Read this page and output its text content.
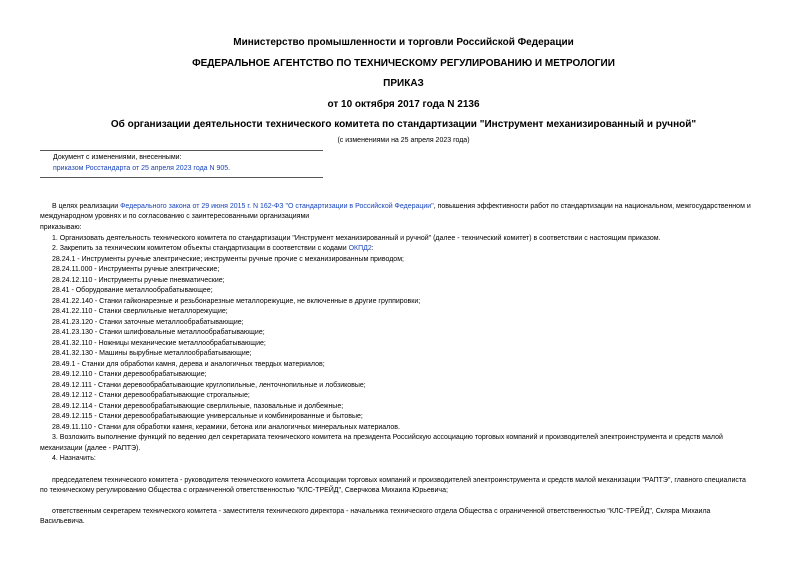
Министерство промышленности и торговли Российской Федерации
ФЕДЕРАЛЬНОЕ АГЕНТСТВО ПО ТЕХНИЧЕСКОМУ РЕГУЛИРОВАНИЮ И МЕТРОЛОГИИ
ПРИКАЗ
от 10 октября 2017 года N 2136
Об организации деятельности технического комитета по стандартизации "Инструмент механизированный и ручной"
(с изменениями на 25 апреля 2023 года)
Документ с изменениями, внесенными:
приказом Росстандарта от 25 апреля 2023 года N 905.
В целях реализации Федерального закона от 29 июня 2015 г. N 162-ФЗ "О стандартизации в Российской Федерации", повышения эффективности работ по стандартизации на национальном, межгосударственном и
международном уровнях и по согласованию с заинтересованными организациями
приказываю:
1. Организовать деятельность технического комитета по стандартизации "Инструмент механизированный и ручной" (далее - технический комитет) в соответствии с настоящим приказом.
2. Закрепить за техническим комитетом объекты стандартизации в соответствии с кодами ОКПД2:
28.24.1 - Инструменты ручные электрические; инструменты ручные прочие с механизированным приводом;
28.24.11.000 - Инструменты ручные электрические;
28.24.12.110 - Инструменты ручные пневматические;
28.41 - Оборудование металлообрабатывающее;
28.41.22.140 - Станки гайконарезные и резьбонарезные металлорежущие, не включенные в другие группировки;
28.41.22.110 - Станки сверлильные металлорежущие;
28.41.23.120 - Станки заточные металлообрабатывающие;
28.41.23.130 - Станки шлифовальные металлообрабатывающие;
28.41.32.110 - Ножницы механические металлообрабатывающие;
28.41.32.130 - Машины вырубные металлообрабатывающие;
28.49.1 - Станки для обработки камня, дерева и аналогичных твердых материалов;
28.49.12.110 - Станки деревообрабатывающие;
28.49.12.111 - Станки деревообрабатывающие круглопильные, ленточнопильные и лобзиковые;
28.49.12.112 - Станки деревообрабатывающие строгальные;
28.49.12.114 - Станки деревообрабатывающие сверлильные, пазовальные и долбежные;
28.49.12.115 - Станки деревообрабатывающие универсальные и комбинированные и бытовые;
28.49.11.110 - Станки для обработки камня, керамики, бетона или аналогичных минеральных материалов.
3. Возложить выполнение функций по ведению дел секретариата технического комитета на президента Российскую ассоциацию торговых компаний и производителей электроинструмента и средств малой
механизации (далее - РАПТЭ).
4. Назначить:
председателем технического комитета - руководителя технического комитета Ассоциации торговых компаний и производителей электроинструмента и средств малой механизации "РАПТЭ", главного специалиста
по техническому регулированию Общества с ограниченной ответственностью "КЛС-ТРЕЙД", Сверчкова Михаила Юрьевича;
ответственным секретарем технического комитета - заместителя технического директора - начальника технического отдела Общества с ограниченной ответственностью "КЛС-ТРЕЙД", Скляра Михаила
Васильевича.
